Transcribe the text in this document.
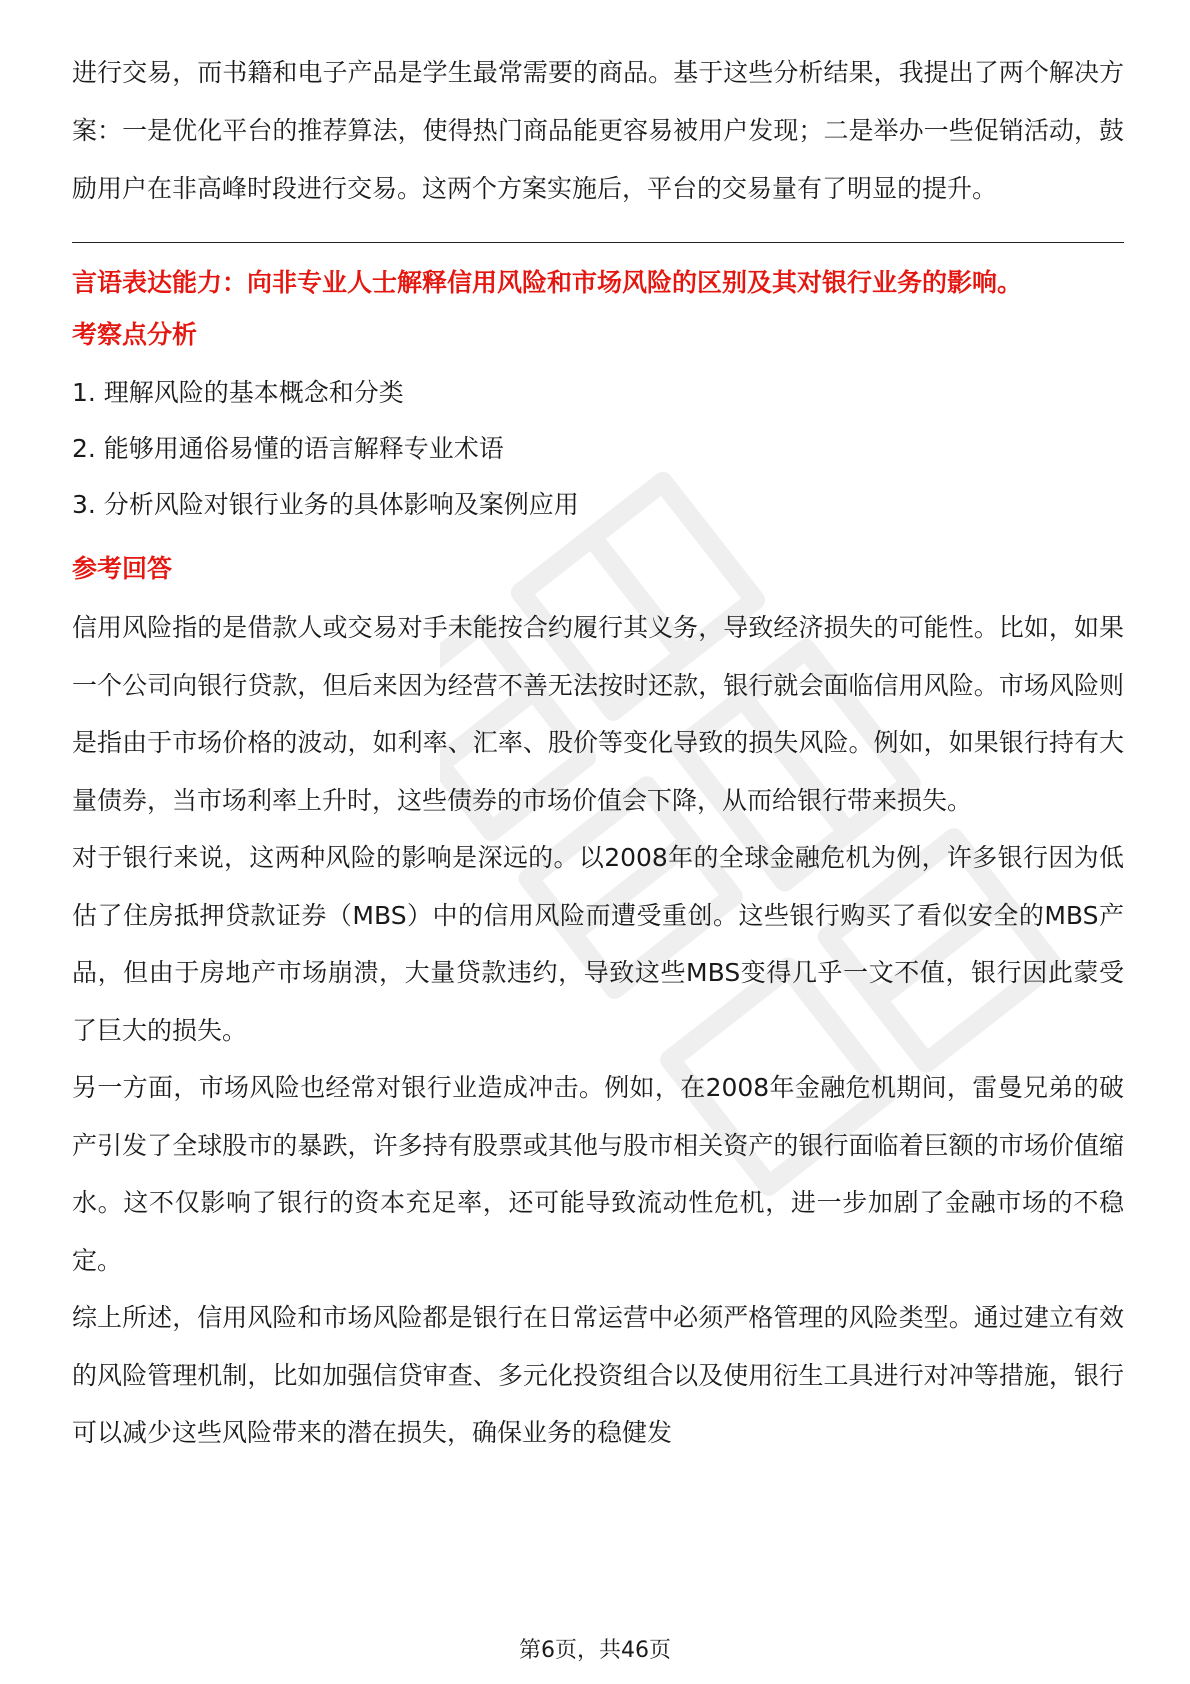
进行交易，而书籍和电子产品是学生最常需要的商品。基于这些分析结果，我提出了两个解决方案：一是优化平台的推荐算法，使得热门商品能更容易被用户发现；二是举办一些促销活动，鼓励用户在非高峰时段进行交易。这两个方案实施后，平台的交易量有了明显的提升。

言语表达能力：向非专业人士解释信用风险和市场风险的区别及其对银行业务的影响。

考察点分析
1. 理解风险的基本概念和分类
2. 能够用通俗易懂的语言解释专业术语
3. 分析风险对银行业务的具体影响及案例应用
参考回答

信用风险指的是借款人或交易对手未能按合约履行其义务，导致经济损失的可能性。比如，如果一个公司向银行贷款，但后来因为经营不善无法按时还款，银行就会面临信用风险。市场风险则是指由于市场价格的波动，如利率、汇率、股价等变化导致的损失风险。例如，如果银行持有大量债券，当市场利率上升时，这些债券的市场价值会下降，从而给银行带来损失。

对于银行来说，这两种风险的影响是深远的。以2008年的全球金融危机为例，许多银行因为低估了住房抵押贷款证券（MBS）中的信用风险而遭受重创。这些银行购买了看似安全的MBS产品，但由于房地产市场崩溃，大量贷款违约，导致这些MBS变得几乎一文不值，银行因此蒙受了巨大的损失。

另一方面，市场风险也经常对银行业造成冲击。例如，在2008年金融危机期间，雷曼兄弟的破产引发了全球股市的暴跌，许多持有股票或其他与股市相关资产的银行面临着巨额的市场价值缩水。这不仅影响了银行的资本充足率，还可能导致流动性危机，进一步加剧了金融市场的不稳定。

综上所述，信用风险和市场风险都是银行在日常运营中必须严格管理的风险类型。通过建立有效的风险管理机制，比如加强信贷审查、多元化投资组合以及使用衍生工具进行对冲等措施，银行可以减少这些风险带来的潜在损失，确保业务的稳健发

第6页，共46页
